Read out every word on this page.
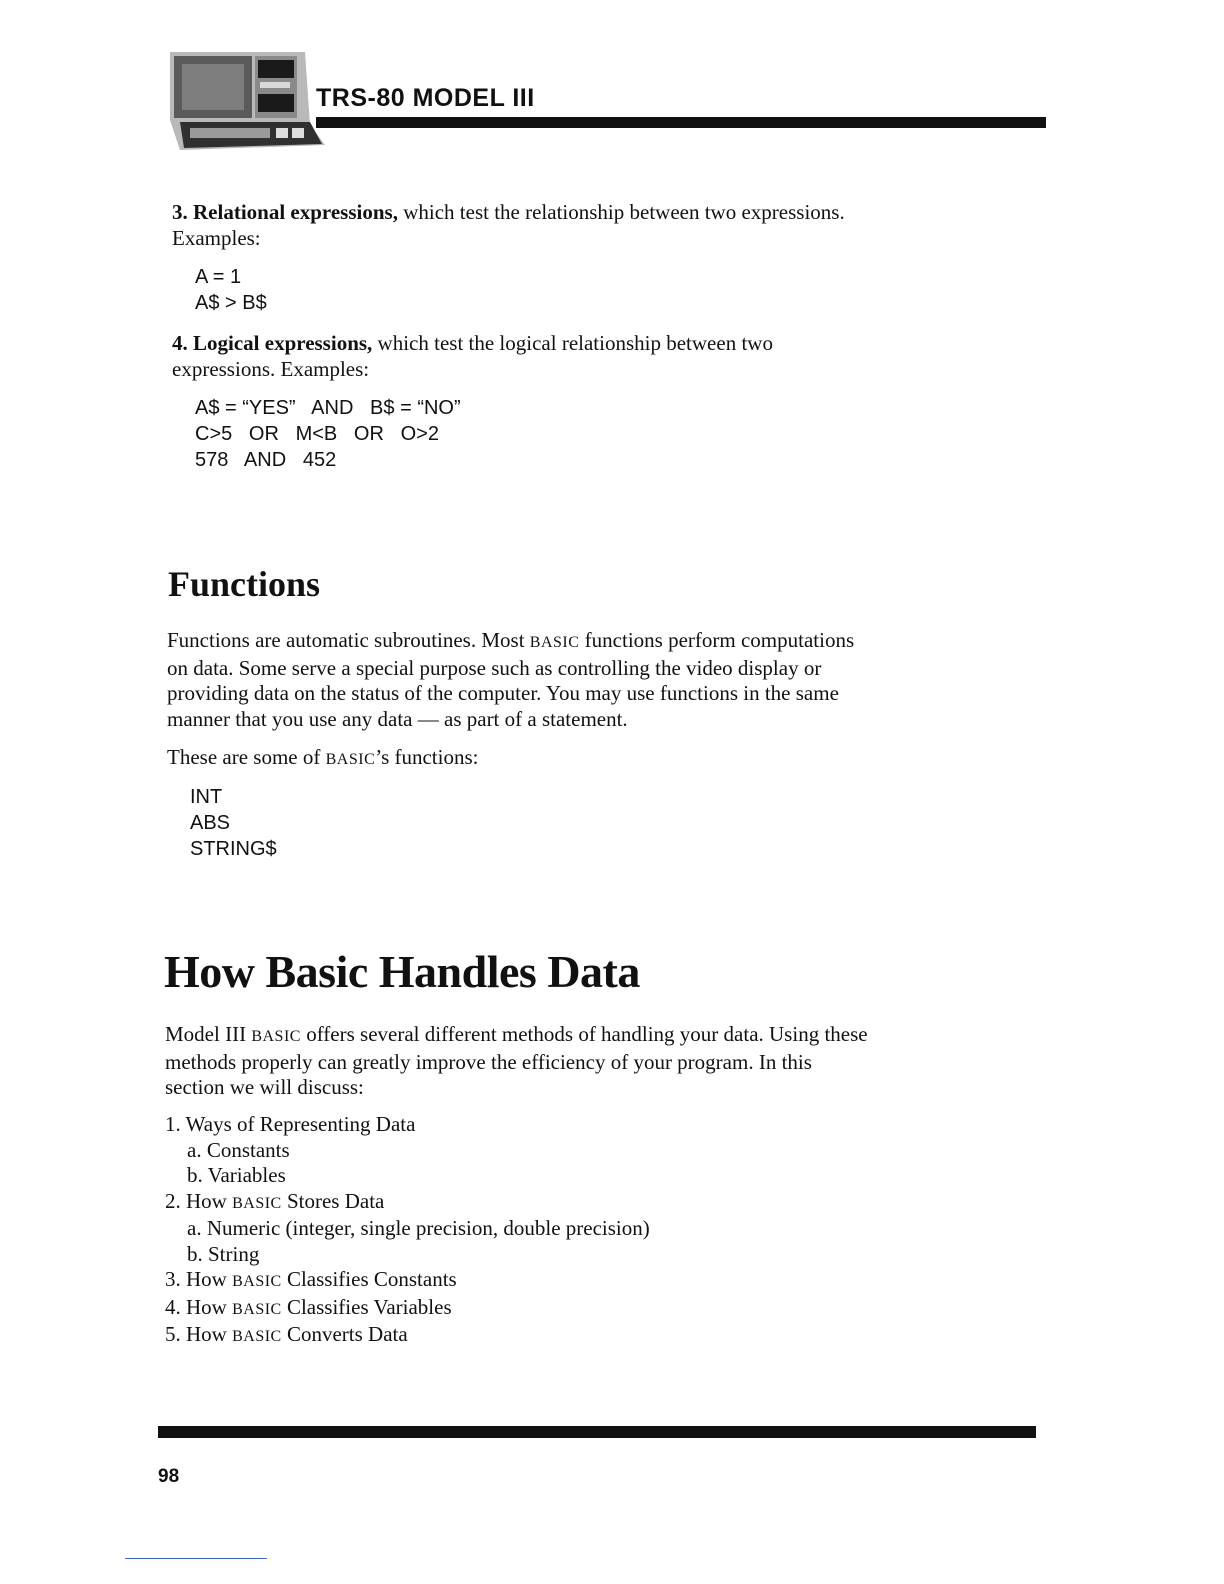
TRS-80 MODEL III
3. Relational expressions, which test the relationship between two expressions.
Examples:
A = 1
A$ > B$
4. Logical expressions, which test the logical relationship between two
expressions. Examples:
A$ = “YES”   AND   B$ = “NO”
C>5   OR   M<B   OR   O>2
578   AND   452
Functions
Functions are automatic subroutines. Most BASIC functions perform computations
on data. Some serve a special purpose such as controlling the video display or
providing data on the status of the computer. You may use functions in the same
manner that you use any data — as part of a statement.
These are some of BASIC’s functions:
INT
ABS
STRING$
How Basic Handles Data
Model III BASIC offers several different methods of handling your data. Using these
methods properly can greatly improve the efficiency of your program. In this
section we will discuss:
1. Ways of Representing Data
a. Constants
b. Variables
2. How BASIC Stores Data
a. Numeric (integer, single precision, double precision)
b. String
3. How BASIC Classifies Constants
4. How BASIC Classifies Variables
5. How BASIC Converts Data
98
